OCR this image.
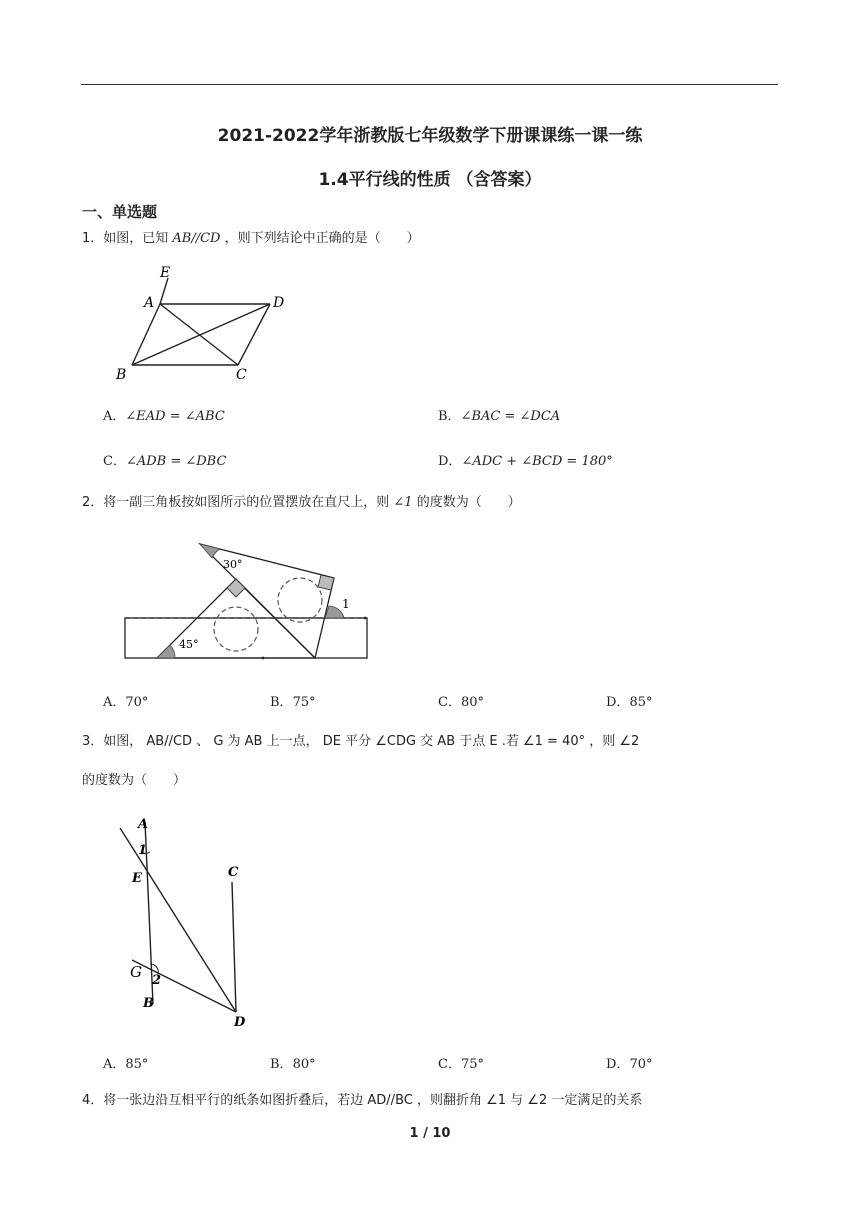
2021-2022学年浙教版七年级数学下册课课练一课一练
1.4平行线的性质 （含答案）
一、单选题
1．如图，已知 AB//CD ，则下列结论中正确的是（　　）
E
A	D
B	C
A．∠EAD = ∠ABC	B．∠BAC = ∠DCA
C．∠ADB = ∠DBC	D．∠ADC + ∠BCD = 180°
2．将一副三角板按如图所示的位置摆放在直尺上，则 ∠1 的度数为（　　）
30°
45°
1
A．70°	B．75°	C．80°	D．85°
3．如图， AB//CD 、 G 为 AB 上一点， DE 平分 ∠CDG 交 AB 于点 E .若 ∠1 = 40° ，则 ∠2
的度数为（　　）
A
1
E	C
G 2
B
D
A．85°	B．80°	C．75°	D．70°
4．将一张边沿互相平行的纸条如图折叠后，若边 AD//BC ，则翻折角 ∠1 与 ∠2 一定满足的关系
1 / 10
